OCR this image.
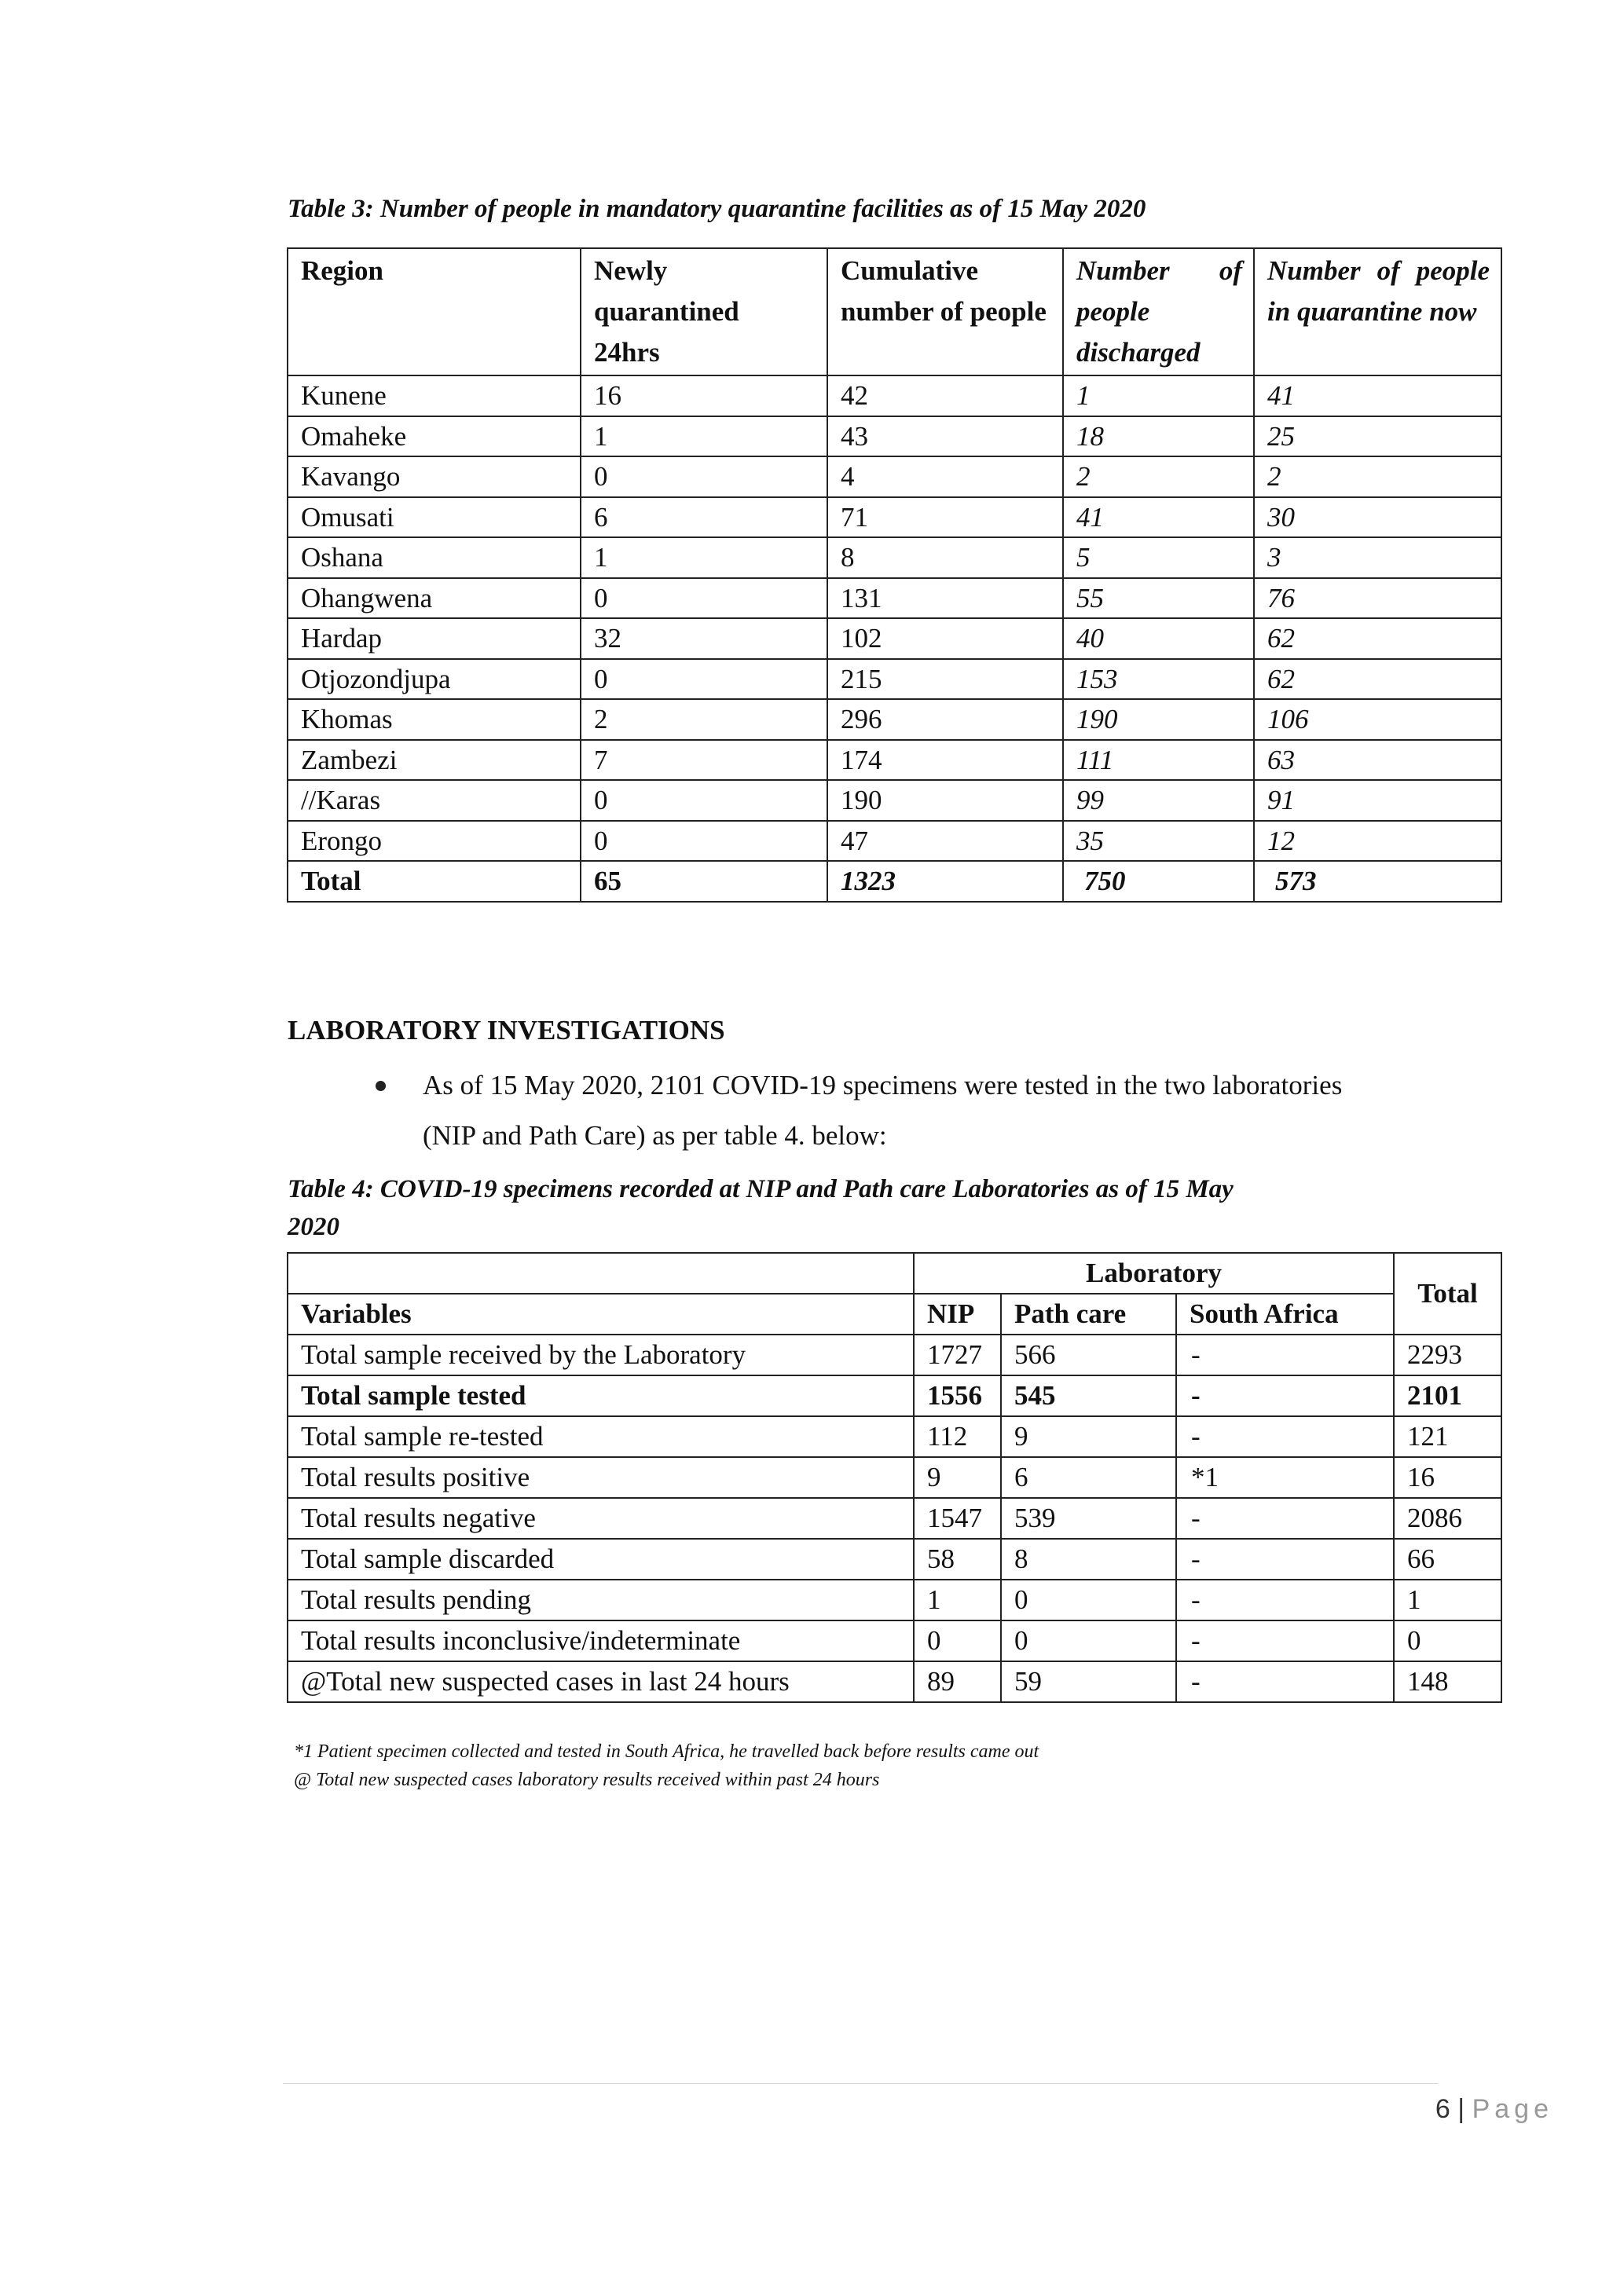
Table 3: Number of people in mandatory quarantine facilities as of 15 May 2020

Region	Newly quarantined 24hrs	Cumulative number of people	Number of people discharged	Number of people in quarantine now
Kunene	16	42	1	41
Omaheke	1	43	18	25
Kavango	0	4	2	2
Omusati	6	71	41	30
Oshana	1	8	5	3
Ohangwena	0	131	55	76
Hardap	32	102	40	62
Otjozondjupa	0	215	153	62
Khomas	2	296	190	106
Zambezi	7	174	111	63
//Karas	0	190	99	91
Erongo	0	47	35	12
Total	65	1323	750	573
LABORATORY INVESTIGATIONS
As of 15 May 2020, 2101 COVID-19 specimens were tested in the two laboratories
(NIP and Path Care) as per table 4. below:

Table 4: COVID-19 specimens recorded at NIP and Path care Laboratories as of 15 May

2020

	Laboratory			Total
Variables	NIP	Path care	South Africa	
Total sample received by the Laboratory	1727	566	-	2293
Total sample tested	1556	545	-	2101
Total sample re-tested	112	9	-	121
Total results positive	9	6	*1	16
Total results negative	1547	539	-	2086
Total sample discarded	58	8	-	66
Total results pending	1	0	-	1
Total results inconclusive/indeterminate	0	0	-	0
@Total new suspected cases in last 24 hours	89	59	-	148
*1 Patient specimen collected and tested in South Africa, he travelled back before results came out
@ Total new suspected cases laboratory results received within past 24 hours
6 | Page
